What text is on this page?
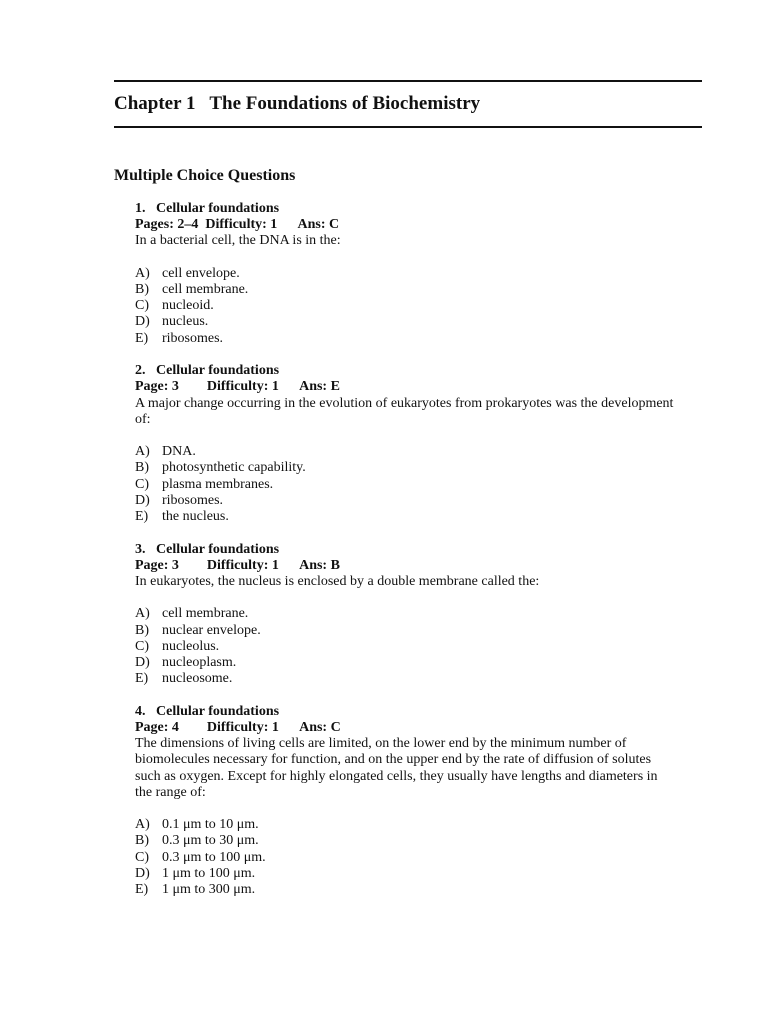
Chapter 1   The Foundations of Biochemistry
Multiple Choice Questions
1.   Cellular foundations
Pages: 2–4  Difficulty: 1      Ans: C
In a bacterial cell, the DNA is in the:
A) cell envelope.
B) cell membrane.
C) nucleoid.
D) nucleus.
E) ribosomes.
2.   Cellular foundations
Page: 3        Difficulty: 1      Ans: E
A major change occurring in the evolution of eukaryotes from prokaryotes was the development of:
A) DNA.
B) photosynthetic capability.
C) plasma membranes.
D) ribosomes.
E) the nucleus.
3.   Cellular foundations
Page: 3        Difficulty: 1      Ans: B
In eukaryotes, the nucleus is enclosed by a double membrane called the:
A) cell membrane.
B) nuclear envelope.
C) nucleolus.
D) nucleoplasm.
E) nucleosome.
4.   Cellular foundations
Page: 4        Difficulty: 1      Ans: C
The dimensions of living cells are limited, on the lower end by the minimum number of biomolecules necessary for function, and on the upper end by the rate of diffusion of solutes such as oxygen. Except for highly elongated cells, they usually have lengths and diameters in the range of:
A) 0.1 μm to 10 μm.
B) 0.3 μm to 30 μm.
C) 0.3 μm to 100 μm.
D) 1 μm to 100 μm.
E) 1 μm to 300 μm.
